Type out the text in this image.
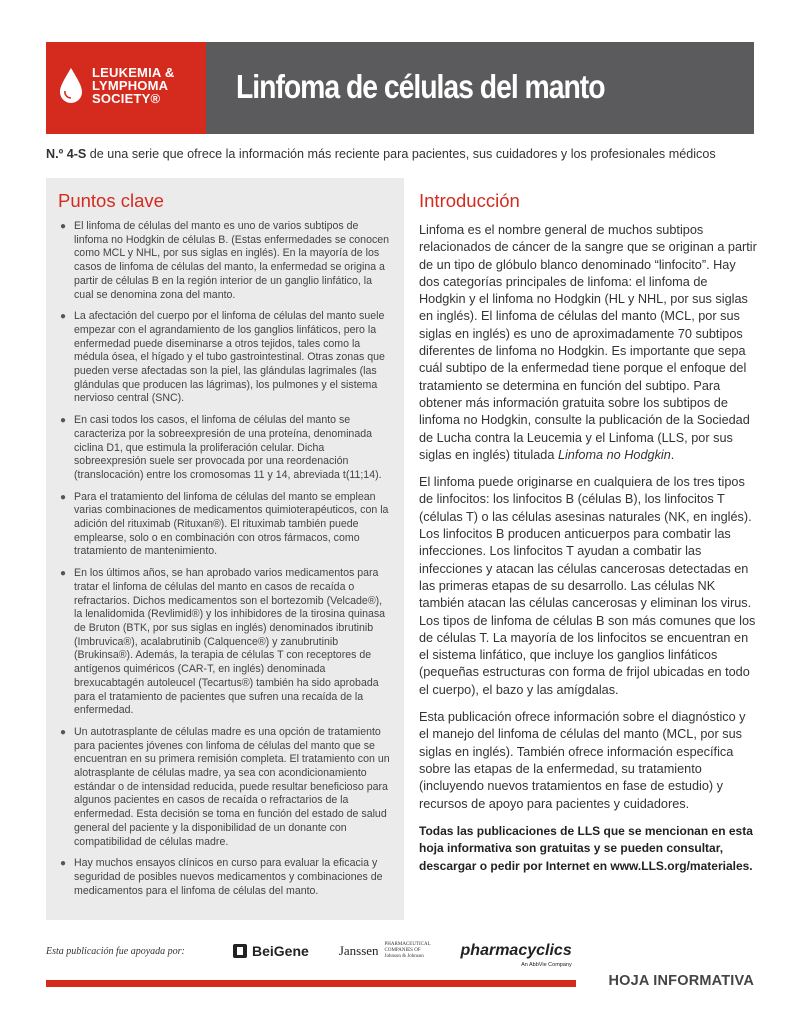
LEUKEMIA &
LYMPHOMA
SOCIETY®	Linfoma de células del manto
N.º 4-S de una serie que ofrece la información más reciente para pacientes, sus cuidadores y los profesionales médicos
Puntos clave
● El linfoma de células del manto es uno de varios subtipos de linfoma no Hodgkin de células B. (Estas enfermedades se conocen como MCL y NHL, por sus siglas en inglés). En la mayoría de los casos de linfoma de células del manto, la enfermedad se origina a partir de células B en la región interior de un ganglio linfático, la cual se denomina zona del manto.
● La afectación del cuerpo por el linfoma de células del manto suele empezar con el agrandamiento de los ganglios linfáticos, pero la enfermedad puede diseminarse a otros tejidos, tales como la médula ósea, el hígado y el tubo gastrointestinal. Otras zonas que pueden verse afectadas son la piel, las glándulas lagrimales (las glándulas que producen las lágrimas), los pulmones y el sistema nervioso central (SNC).
● En casi todos los casos, el linfoma de células del manto se caracteriza por la sobreexpresión de una proteína, denominada ciclina D1, que estimula la proliferación celular. Dicha sobreexpresión suele ser provocada por una reordenación (translocación) entre los cromosomas 11 y 14, abreviada t(11;14).
● Para el tratamiento del linfoma de células del manto se emplean varias combinaciones de medicamentos quimioterapéuticos, con la adición del rituximab (Rituxan®). El rituximab también puede emplearse, solo o en combinación con otros fármacos, como tratamiento de mantenimiento.
● En los últimos años, se han aprobado varios medicamentos para tratar el linfoma de células del manto en casos de recaída o refractarios. Dichos medicamentos son el bortezomib (Velcade®), la lenalidomida (Revlimid®) y los inhibidores de la tirosina quinasa de Bruton (BTK, por sus siglas en inglés) denominados ibrutinib (Imbruvica®), acalabrutinib (Calquence®) y zanubrutinib (Brukinsa®). Además, la terapia de células T con receptores de antígenos quiméricos (CAR-T, en inglés) denominada brexucabtagén autoleucel (Tecartus®) también ha sido aprobada para el tratamiento de pacientes que sufren una recaída de la enfermedad.
● Un autotrasplante de células madre es una opción de tratamiento para pacientes jóvenes con linfoma de células del manto que se encuentran en su primera remisión completa. El tratamiento con un alotrasplante de células madre, ya sea con acondicionamiento estándar o de intensidad reducida, puede resultar beneficioso para algunos pacientes en casos de recaída o refractarios de la enfermedad. Esta decisión se toma en función del estado de salud general del paciente y la disponibilidad de un donante con compatibilidad de células madre.
● Hay muchos ensayos clínicos en curso para evaluar la eficacia y seguridad de posibles nuevos medicamentos y combinaciones de medicamentos para el linfoma de células del manto.
Introducción

Linfoma es el nombre general de muchos subtipos relacionados de cáncer de la sangre que se originan a partir de un tipo de glóbulo blanco denominado “linfocito”. Hay dos categorías principales de linfoma: el linfoma de Hodgkin y el linfoma no Hodgkin (HL y NHL, por sus siglas en inglés). El linfoma de células del manto (MCL, por sus siglas en inglés) es uno de aproximadamente 70 subtipos diferentes de linfoma no Hodgkin. Es importante que sepa cuál subtipo de la enfermedad tiene porque el enfoque del tratamiento se determina en función del subtipo. Para obtener más información gratuita sobre los subtipos de linfoma no Hodgkin, consulte la publicación de la Sociedad de Lucha contra la Leucemia y el Linfoma (LLS, por sus siglas en inglés) titulada Linfoma no Hodgkin.

El linfoma puede originarse en cualquiera de los tres tipos de linfocitos: los linfocitos B (células B), los linfocitos T (células T) o las células asesinas naturales (NK, en inglés). Los linfocitos B producen anticuerpos para combatir las infecciones. Los linfocitos T ayudan a combatir las infecciones y atacan las células cancerosas detectadas en las primeras etapas de su desarrollo. Las células NK también atacan las células cancerosas y eliminan los virus. Los tipos de linfoma de células B son más comunes que los de células T. La mayoría de los linfocitos se encuentran en el sistema linfático, que incluye los ganglios linfáticos (pequeñas estructuras con forma de frijol ubicadas en todo el cuerpo), el bazo y las amígdalas.

Esta publicación ofrece información sobre el diagnóstico y el manejo del linfoma de células del manto (MCL, por sus siglas en inglés). También ofrece información específica sobre las etapas de la enfermedad, su tratamiento (incluyendo nuevos tratamientos en fase de estudio) y recursos de apoyo para pacientes y cuidadores.

Todas las publicaciones de LLS que se mencionan en esta hoja informativa son gratuitas y se pueden consultar, descargar o pedir por Internet en www.LLS.org/materiales.

Esta publicación fue apoyada por:	BeiGene Janssen PHARMACEUTICAL COMPANIES OF Johnson & Johnson	pharmacyclics
An AbbVie Company
HOJA INFORMATIVA
